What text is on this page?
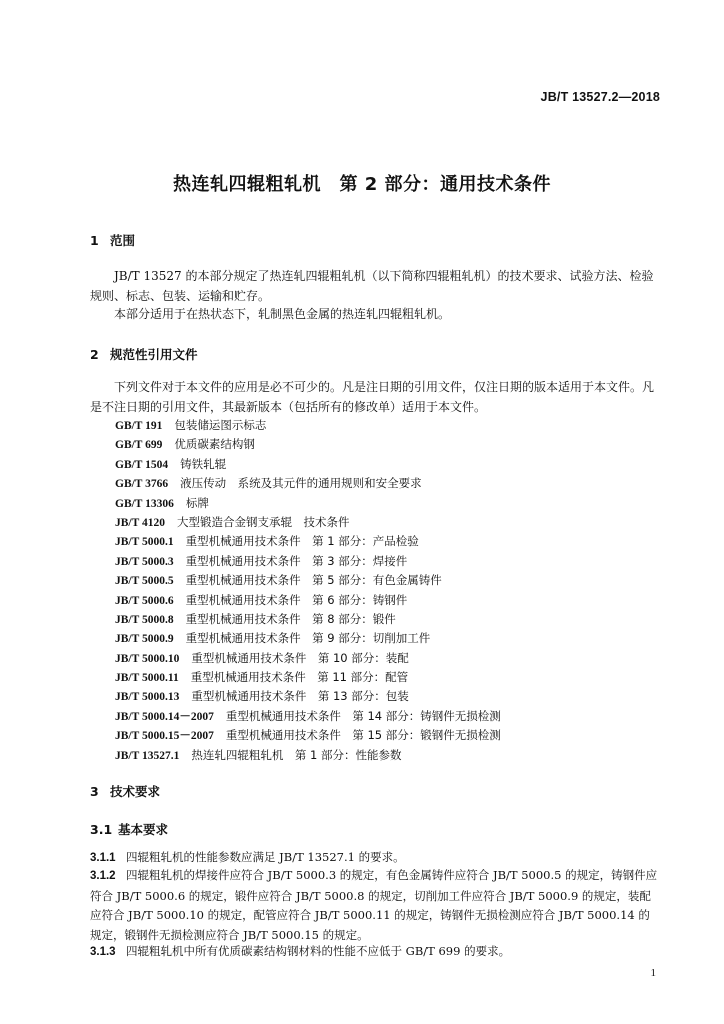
JB/T 13527.2—2018
热连轧四辊粗轧机　第 2 部分：通用技术条件
1 范围
JB/T 13527 的本部分规定了热连轧四辊粗轧机（以下简称四辊粗轧机）的技术要求、试验方法、检验规则、标志、包装、运输和贮存。
本部分适用于在热状态下，轧制黑色金属的热连轧四辊粗轧机。
2 规范性引用文件
下列文件对于本文件的应用是必不可少的。凡是注日期的引用文件，仅注日期的版本适用于本文件。凡是不注日期的引用文件，其最新版本（包括所有的修改单）适用于本文件。
GB/T 191 包装储运图示标志
GB/T 699 优质碳素结构钢
GB/T 1504 铸铁轧辊
GB/T 3766 液压传动　系统及其元件的通用规则和安全要求
GB/T 13306 标牌
JB/T 4120 大型锻造合金钢支承辊　技术条件
JB/T 5000.1 重型机械通用技术条件　第 1 部分：产品检验
JB/T 5000.3 重型机械通用技术条件　第 3 部分：焊接件
JB/T 5000.5 重型机械通用技术条件　第 5 部分：有色金属铸件
JB/T 5000.6 重型机械通用技术条件　第 6 部分：铸钢件
JB/T 5000.8 重型机械通用技术条件　第 8 部分：锻件
JB/T 5000.9 重型机械通用技术条件　第 9 部分：切削加工件
JB/T 5000.10 重型机械通用技术条件　第 10 部分：装配
JB/T 5000.11 重型机械通用技术条件　第 11 部分：配管
JB/T 5000.13 重型机械通用技术条件　第 13 部分：包装
JB/T 5000.14－2007 重型机械通用技术条件　第 14 部分：铸钢件无损检测
JB/T 5000.15－2007 重型机械通用技术条件　第 15 部分：锻钢件无损检测
JB/T 13527.1 热连轧四辊粗轧机　第 1 部分：性能参数
3 技术要求
3.1 基本要求
3.1.1 四辊粗轧机的性能参数应满足 JB/T 13527.1 的要求。
3.1.2 四辊粗轧机的焊接件应符合 JB/T 5000.3 的规定，有色金属铸件应符合 JB/T 5000.5 的规定，铸钢件应符合 JB/T 5000.6 的规定，锻件应符合 JB/T 5000.8 的规定，切削加工件应符合 JB/T 5000.9 的规定，装配应符合 JB/T 5000.10 的规定，配管应符合 JB/T 5000.11 的规定，铸钢件无损检测应符合 JB/T 5000.14 的规定，锻钢件无损检测应符合 JB/T 5000.15 的规定。
3.1.3 四辊粗轧机中所有优质碳素结构钢材料的性能不应低于 GB/T 699 的要求。
1
